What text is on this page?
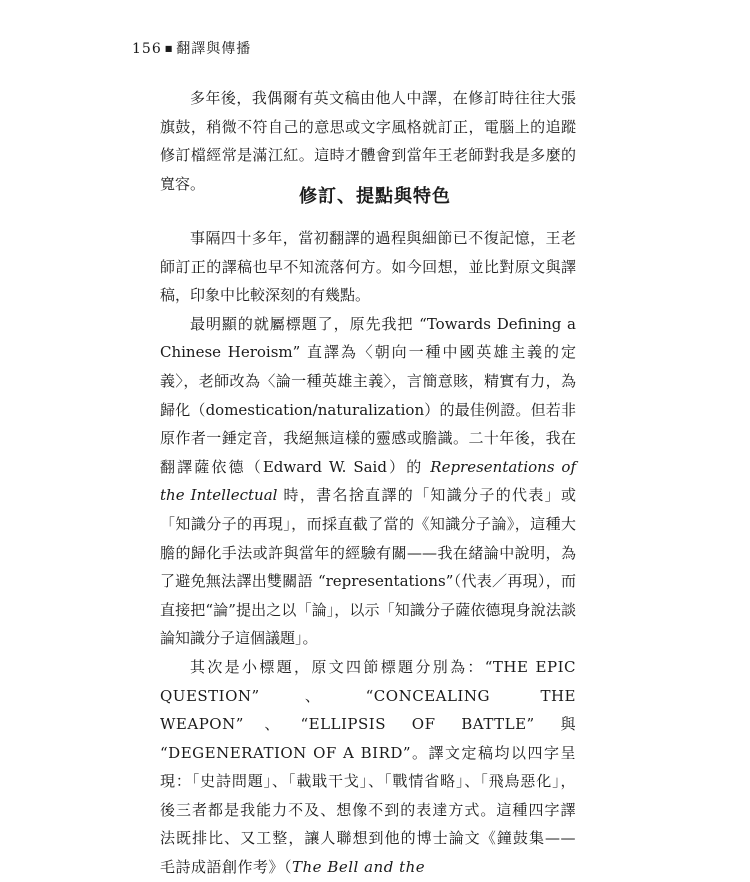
156 ■ 翻譯與傳播

多年後，我偶爾有英文稿由他人中譯，在修訂時往往大張旗鼓，稍微不符自己的意思或文字風格就訂正，電腦上的追蹤修訂檔經常是滿江紅。這時才體會到當年王老師對我是多麼的寬容。

修訂、提點與特色

事隔四十多年，當初翻譯的過程與細節已不復記憶，王老師訂正的譯稿也早不知流落何方。如今回想，並比對原文與譯稿，印象中比較深刻的有幾點。

最明顯的就屬標題了，原先我把 “Towards Defining a Chinese Heroism” 直譯為〈朝向一種中國英雄主義的定義〉，老師改為〈論一種英雄主義〉，言簡意賅，精實有力，為歸化（domestication/naturalization）的最佳例證。但若非原作者一錘定音，我絕無這樣的靈感或膽識。二十年後，我在翻譯薩依德（Edward W. Said）的 Representations of the Intellectual 時，書名捨直譯的「知識分子的代表」或「知識分子的再現」，而採直截了當的《知識分子論》，這種大膽的歸化手法或許與當年的經驗有關——我在緒論中說明，為了避免無法譯出雙關語 “representations”（代表／再現），而直接把“論”提出之以「論」，以示「知識分子薩依德現身說法談論知識分子這個議題」。

其次是小標題，原文四節標題分別為：“THE EPIC QUESTION”、“CONCEALING THE WEAPON”、“ELLIPSIS OF BATTLE” 與 “DEGENERATION OF A BIRD”。譯文定稿均以四字呈現：「史詩問題」、「載戢干戈」、「戰情省略」、「飛鳥惡化」，後三者都是我能力不及、想像不到的表達方式。這種四字譯法既排比、又工整，讓人聯想到他的博士論文《鐘鼓集——毛詩成語創作考》（The Bell and the
